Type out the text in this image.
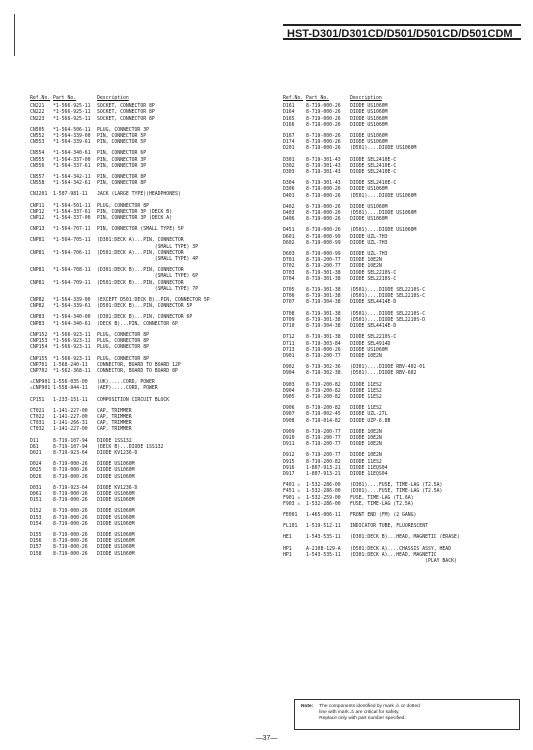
HST-D301/D301CD/D501/D501CD/D501CDM
Ref.No. Part No.	Description
CN221	*1-566-925-11	SOCKET, CONNECTOR 8P
CN222	*1-566-925-11	SOCKET, CONNECTOR 8P
CN223	*1-566-925-11	SOCKET, CONNECTOR 8P
CN505	*1-564-506-11	PLUG, CONNECTOR 3P
CN552	*1-564-339-00	PIN, CONNECTOR 5P
CN553	*1-564-339-61	PIN, CONNECTOR 5P
CN554	*1-564-340-61	PIN, CONNECTOR 6P
CN555	*1-564-337-00	PIN, CONNECTOR 3P
CN556	*1-564-337-61	PIN, CONNECTOR 3P
CN557	*1-564-342-11	PIN, CONNECTOR 8P
CN558	*1-564-342-61	PIN, CONNECTOR 8P
CNJ201	1-507-981-11	JACK (LARGE TYPE)(HEADPHONES)
CNP11	*1-564-501-11	PLUG, CONNECTOR 8P
CNP12	*1-564-337-61	PIN, CONNECTOR 3P (DECK B)
CNP12	*1-564-337-00	PIN, CONNECTOR 3P (DECK A)
CNP13	*1-564-707-11	PIN, CONNECTOR (SMALL TYPE) 5P
CNP81	*1-564-705-11	(D301:DECK A)...PIN, CONNECTOR
(SMALL TYPE) 3P
CNP81	*1-564-706-11	(D501:DECK A)...PIN, CONNECTOR
(SMALL TYPE) 4P
CNP81	*1-564-708-11	(D301:DECK B)...PIN, CONNECTOR
(SMALL TYPE) 6P
CNP81	*1-564-709-11	(D501:DECK B)...PIN, CONNECTOR
(SMALL TYPE) 7P
CNP82	*1-564-339-00	(EXCEPT D501:DECK B)..PIN, CONNECTOR 5P
CNP82	*1-564-339-61	(D501:DECK B)...PIN, CONNECTOR 5P
CNP83	*1-564-340-00	(D301:DECK B)...PIN, CONNECTOR 6P
CNP83	*1-564-340-61	(DECK B)...PIN, CONNECTOR 6P
CNP152	*1-566-923-11	PLUG, CONNECTOR 8P
CNP153	*1-566-923-11	PLUG, CONNECTOR 8P
CNP154	*1-566-923-11	PLUG, CONNECTOR 8P
CNP155	*1-566-923-11	PLUG, CONNECTOR 8P
CNP701	1-568-240-11	CONNECTOR, BOARD TO BOARD 12P
CNP702	*1-562-368-11	CONNECTOR, BOARD TO BOARD 8P
⚠CNP901 1-556-035-00	(UK).....CORD, POWER
⚠CNP901 1-558-944-11	(AEP).....CORD, POWER
CP151	1-233-151-11	COMPOSITION CIRCUIT BLOCK
CT021	1-141-227-00	CAP, TRIMMER
CT022	1-141-227-00	CAP, TRIMMER
CT031	1-141-266-31	CAP, TRIMMER
CT032	1-141-227-00	CAP, TRIMMER
D11	8-719-107-94	DIODE 1SS132
D81	8-719-107-94	(DECK B)...DIODE 1SS132
D021	8-719-923-64	DIODE KV1236-D
D024	8-719-000-26	DIODE US1060M
D025	8-719-000-26	DIODE US1060M
D026	8-719-000-26	DIODE US1060M
D031	8-719-923-64	DIODE KV1236-D
D061	8-719-000-26	DIODE US1060M
D151	8-719-000-26	DIODE US1060M
D152	8-719-000-26	DIODE US1060M
D153	8-719-000-26	DIODE US1060M
D154	8-719-000-26	DIODE US1060M
D155	8-719-000-26	DIODE US1060M
D156	8-719-000-26	DIODE US1060M
D157	8-719-000-26	DIODE US1060M
D158	8-719-000-26	DIODE US1060M
Ref.No. Part No.	Description
D161	8-719-000-26	DIODE US1060M
D164	8-719-000-26	DIODE US1060M
D165	8-719-000-26	DIODE US1060M
D166	8-719-000-26	DIODE US1060M
D167	8-719-000-26	DIODE US1060M
D174	8-719-000-26	DIODE US1060M
D201	8-719-000-26	(D501)....DIODE US1060M
D301	8-719-301-43	DIODE SEL2410E-C
D302	8-719-301-43	DIODE SEL2410E-C
D303	8-719-301-43	DIODE SEL2410E-C
D304	8-719-301-43	DIODE SEL2410E-C
D306	8-719-000-26	DIODE US1060M
D401	8-719-000-26	(D501)....DIODE US1060M
D402	8-719-000-26	DIODE US1060M
D403	8-719-000-26	(D501)....DIODE US1060M
D406	8-719-000-26	DIODE US1060M
D451	8-719-000-26	(D501)....DIODE US1060M
D601	8-719-000-99	DIODE UZL-7H3
D602	8-719-000-99	DIODE UZL-7H3
D603	8-719-000-99	DIODE UZL-7H3
D701	8-719-200-77	DIODE 10E2N
D702	8-719-200-77	DIODE 10E2N
D703	8-719-301-38	DIODE SEL2210S-C
D704	8-719-301-38	DIODE SEL2210S-C
D705	8-719-301-38	(D501)....DIODE SEL2210S-C
D706	8-719-301-38	(D501)....DIODE SEL2210S-C
D707	8-719-304-38	DIODE SEL4414E-D
D708	8-719-301-38	(D501)....DIODE SEL2210S-C
D709	8-719-301-38	(D501)....DIODE SEL2210S-D
D710	8-719-304-38	DIODE SEL4414E-D
D712	8-719-301-38	DIODE SEL2210S-C
D711	8-719-303-84	DIODE SEL4914D
D713	8-719-000-26	DIODE US1060M
D901	8-719-200-77	DIODE 10E2N
D902	8-719-302-36	(D301)....DIODE RBV-402-01
D904	8-719-302-38	(D501)....DIODE RBV-602
D903	8-719-200-82	DIODE 11ES2
D904	8-719-200-82	DIODE 11ES2
D905	8-719-200-82	DIODE 11ES2
D906	8-719-200-82	DIODE 11ES2
D907	8-719-002-45	DIODE UZL-27L
D908	8-719-014-82	DIODE UZP-6.8B
D909	8-719-200-77	DIODE 10E2N
D910	8-719-200-77	DIODE 10E2N
D911	8-719-200-77	DIODE 10E2N
D912	8-719-200-77	DIODE 10E2N
D915	8-719-200-82	DIODE 11ES2
D916	1-807-913-21	DIODE 11EQS04
D917	1-807-913-21	DIODE 11EQS04
F401 ⚠	1-532-286-00	(D301)....FUSE, TIME-LAG (T2.5A)
F451 ⚠	1-532-286-00	(D301)....FUSE, TIME-LAG (T2.5A)
F901 ⚠	1-532-259-00	FUSE, TIME-LAG (T1.6A)
F903 ⚠	1-532-286-00	FUSE, TIME-LAG (T2.5A)
FE001	1-465-006-11	FRONT END (FM) (2 GANG)
FL101	1-519-512-11	INDICATOR TUBE, FLUORESCENT
HE1	1-543-535-11	(D301:DECK B)...HEAD, MAGNETIC (ERASE)
HP1	A-2108-129-A	(D501:DECK A)....CHASSIS ASSY, HEAD
HP1	1-543-535-11	(D301:DECK A)...HEAD, MAGNETIC
(PLAY BACK)
Note: The components identified by mark ⚠ or dotted
line with mark ⚠ are critical for safety.
Replace only with part number specified.
—37—
